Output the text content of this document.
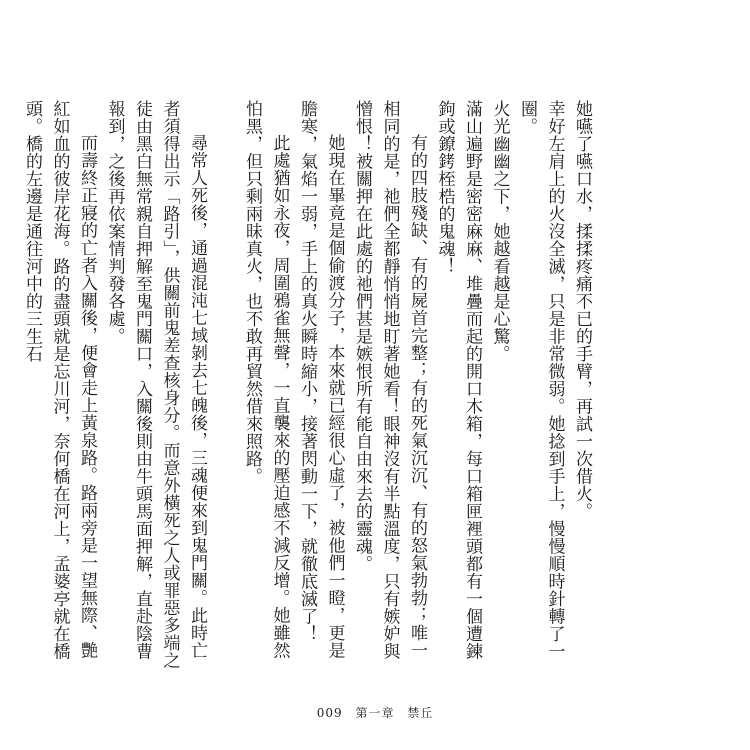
她嚥了嚥口水，揉揉疼痛不已的手臂，再試一次借火。

幸好左肩上的火沒全滅，只是非常微弱。她捻到手上，慢慢順時針轉了一圈。

火光幽幽之下，她越看越是心驚。

滿山遍野是密密麻麻、堆疊而起的開口木箱，每口箱匣裡頭都有一個遭鍊鉤或鐐銬桎梏的鬼魂！

有的四肢殘缺、有的屍首完整；有的死氣沉沉、有的怒氣勃勃；唯一相同的是，祂們全都靜悄悄地盯著她看！眼神沒有半點溫度，只有嫉妒與憎恨！被關押在此處的祂們甚是嫉恨所有能自由來去的靈魂。

她現在畢竟是個偷渡分子，本來就已經很心虛了，被他們一瞪，更是膽寒，氣焰一弱，手上的真火瞬時縮小，接著閃動一下，就徹底滅了！

此處猶如永夜，周圍鴉雀無聲，一直襲來的壓迫感不減反增。她雖然怕黑，但只剩兩昧真火，也不敢再貿然借來照路。

尋常人死後，通過混沌七域剝去七魄後，三魂便來到鬼門關。此時亡者須得出示「路引」，供關前鬼差查核身分。而意外橫死之人或罪惡多端之徒由黑白無常親自押解至鬼門關口，入關後則由牛頭馬面押解，直赴陰曹報到，之後再依案情判發各處。

而壽終正寢的亡者入關後，便會走上黃泉路。路兩旁是一望無際、艷紅如血的彼岸花海。路的盡頭就是忘川河，奈何橋在河上，孟婆亭就在橋頭。橋的左邊是通往河中的三生石

009 第一章 禁丘
